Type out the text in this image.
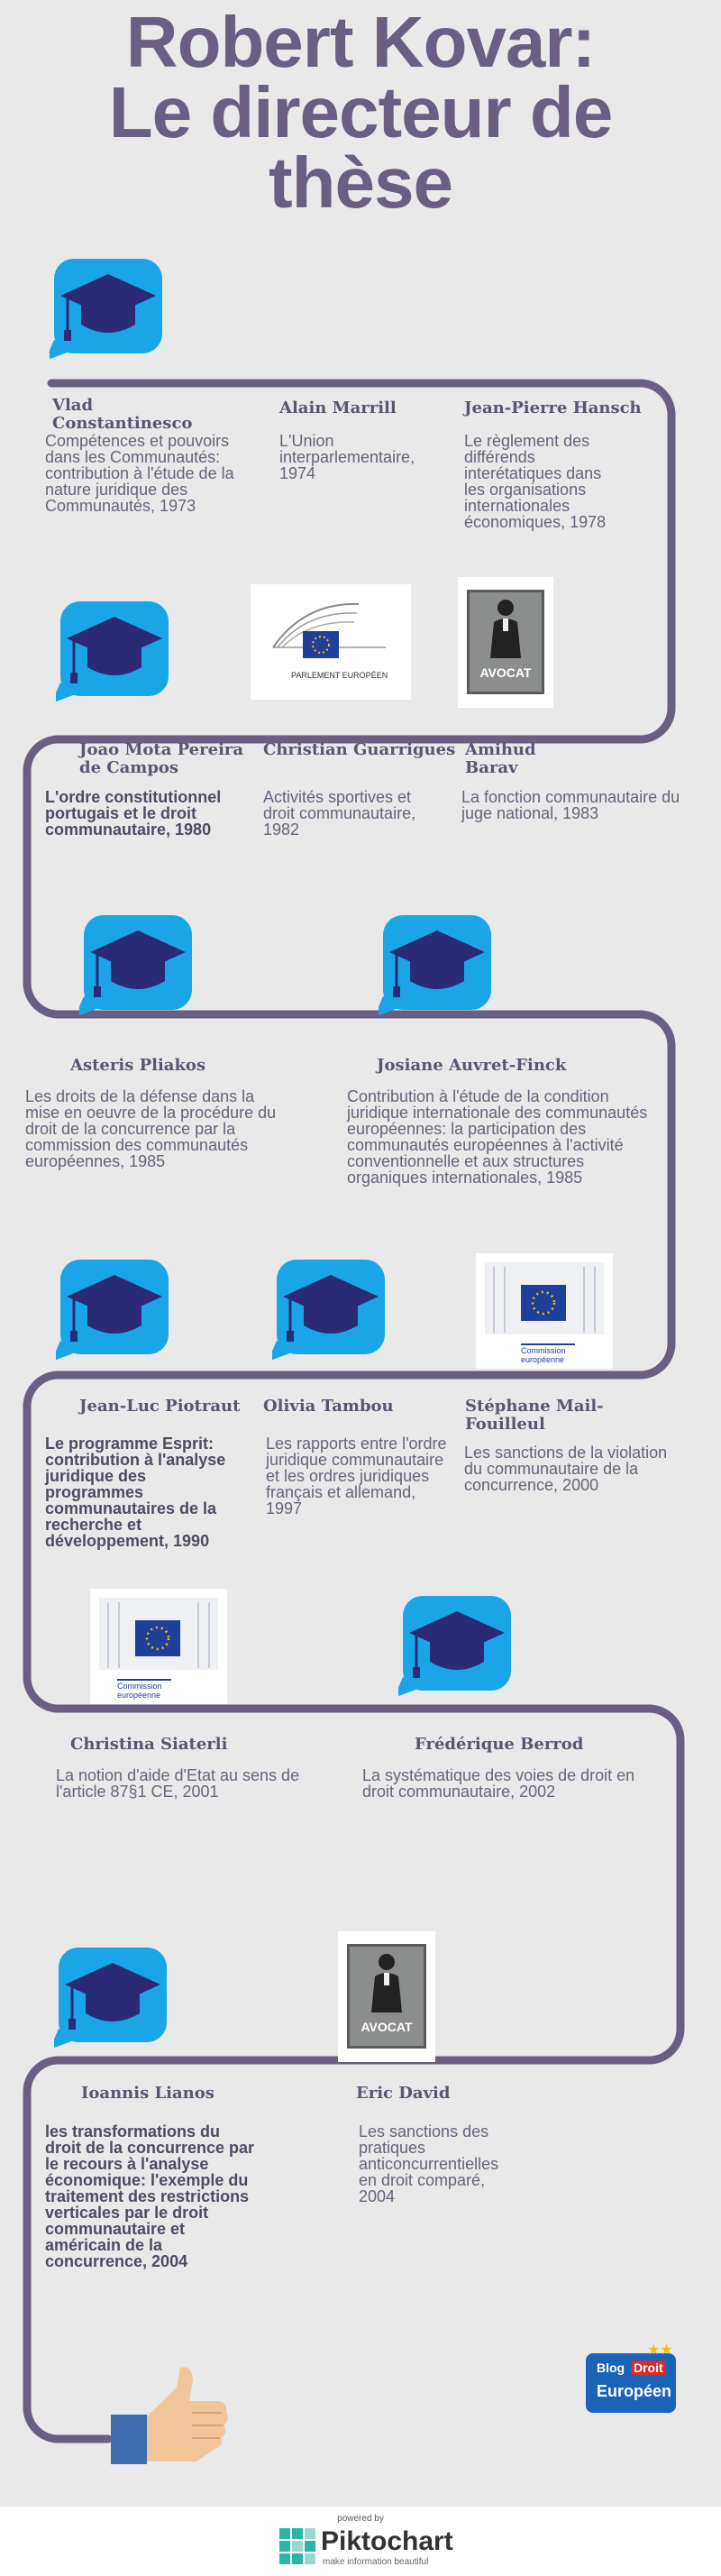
Robert Kovar:
Le directeur de
thèse
PARLEMENT EUROPÉEN	AVOCAT
Commission européenne
Commission européenne
AVOCAT
Vlad Constantinesco
Compétences et pouvoirs dans les Communautés: contribution à l'étude de la nature juridique des Communautés, 1973
Alain Marrill
L'Union interparlementaire, 1974
Jean-Pierre Hansch
Le règlement des différends interétatiques dans les organisations internationales économiques, 1978
Joao Mota Pereira de Campos
L'ordre constitutionnel portugais et le droit communautaire, 1980
Christian Guarrigues
Activités sportives et droit communautaire, 1982
Amihud Barav
La fonction communautaire du juge national, 1983
Asteris Pliakos
Les droits de la défense dans la mise en oeuvre de la procédure du droit de la concurrence par la commission des communautés européennes, 1985
Josiane Auvret-Finck
Contribution à l'étude de la condition juridique internationale des communautés européennes: la participation des communautés européennes à l'activité conventionnelle et aux structures organiques internationales, 1985
Jean-Luc Piotraut
Le programme Esprit: contribution à l'analyse juridique des programmes communautaires de la recherche et développement, 1990
Olivia Tambou
Les rapports entre l'ordre juridique communautaire et les ordres juridiques français et allemand, 1997
Stéphane Mail-Fouilleul
Les sanctions de la violation du communautaire de la concurrence, 2000
Christina Siaterli
La notion d'aide d'Etat au sens de l'article 87§1 CE, 2001
Frédérique Berrod
La systématique des voies de droit en droit communautaire, 2002
Ioannis Lianos
les transformations du droit de la concurrence par le recours à l'analyse économique: l'exemple du traitement des restrictions verticales par le droit communautaire et américain de la concurrence, 2004
Eric David
Les sanctions des pratiques anticoncurrentielles en droit comparé, 2004
★★
Blog Droit
Européen
powered by
Piktochart
make information beautiful
